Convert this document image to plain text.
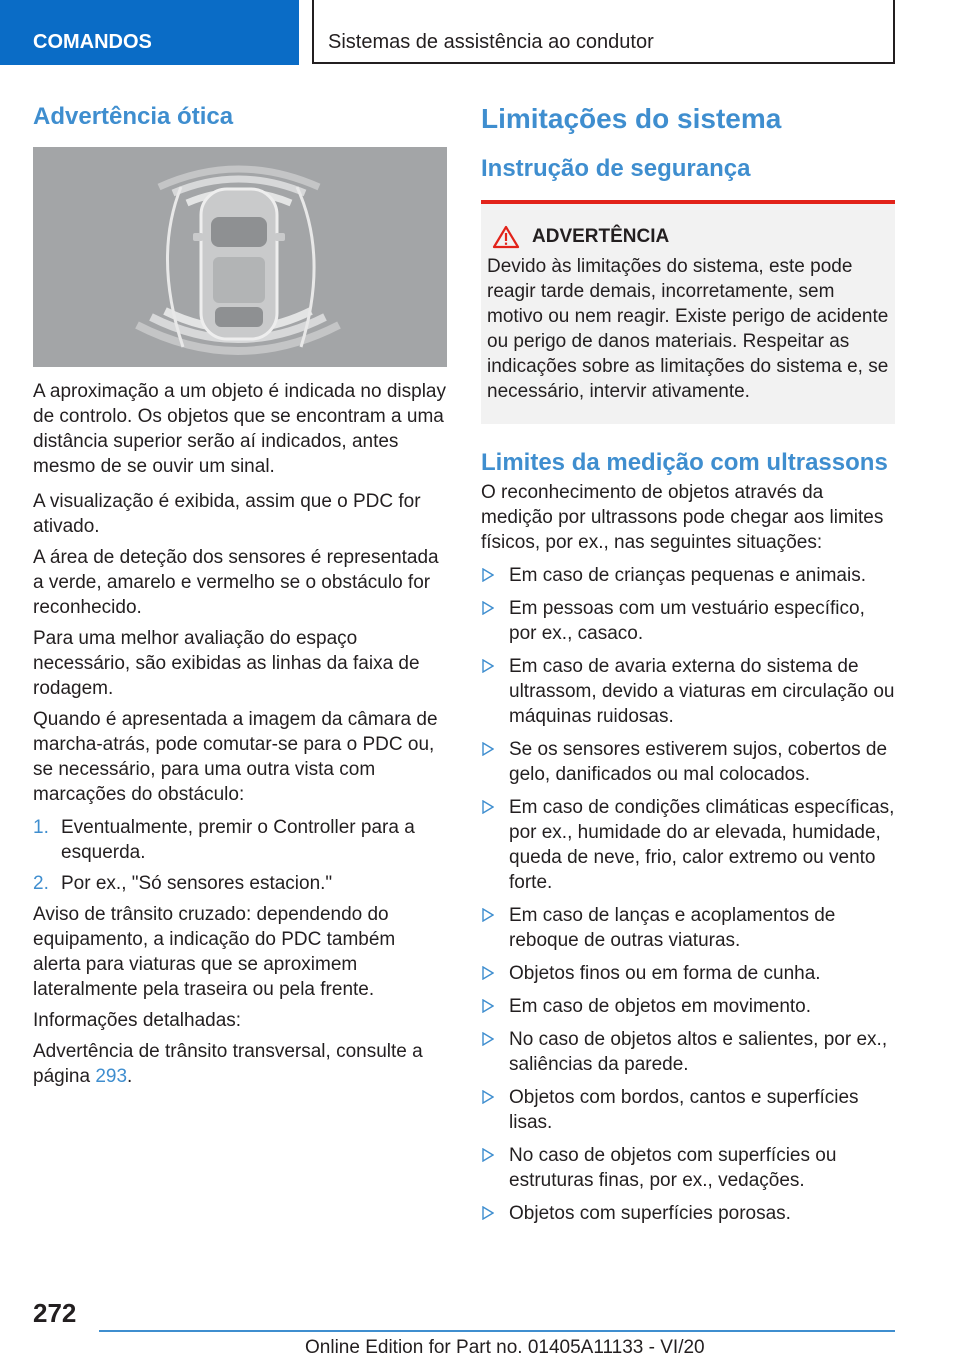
COMANDOS	Sistemas de assistência ao condutor
Advertência ótica

A aproximação a um objeto é indicada no display de controlo. Os objetos que se encontram a uma distância superior serão aí indicados, antes mesmo de se ouvir um sinal.

A visualização é exibida, assim que o PDC for ativado.

A área de deteção dos sensores é representada a verde, amarelo e vermelho se o obstáculo for reconhecido.

Para uma melhor avaliação do espaço necessário, são exibidas as linhas da faixa de rodagem.

Quando é apresentada a imagem da câmara de marcha-atrás, pode comutar-se para o PDC ou, se necessário, para uma outra vista com marcações do obstáculo:

1. Eventualmente, premir o Controller para a esquerda.
2. Por ex., "Só sensores estacion."

Aviso de trânsito cruzado: dependendo do equipamento, a indicação do PDC também alerta para viaturas que se aproximem lateralmente pela traseira ou pela frente.

Informações detalhadas:

Advertência de trânsito transversal, consulte a página 293.

Limitações do sistema
Instrução de segurança
ADVERTÊNCIA

Devido às limitações do sistema, este pode reagir tarde demais, incorretamente, sem motivo ou nem reagir. Existe perigo de acidente ou perigo de danos materiais. Respeitar as indicações sobre as limitações do sistema e, se necessário, intervir ativamente.

Limites da medição com ultrassons

O reconhecimento de objetos através da medição por ultrassons pode chegar aos limites físicos, por ex., nas seguintes situações:

Em caso de crianças pequenas e animais.
Em pessoas com um vestuário específico, por ex., casaco.
Em caso de avaria externa do sistema de ultrassom, devido a viaturas em circulação ou máquinas ruidosas.
Se os sensores estiverem sujos, cobertos de gelo, danificados ou mal colocados.
Em caso de condições climáticas específicas, por ex., humidade do ar elevada, humidade, queda de neve, frio, calor extremo ou vento forte.
Em caso de lanças e acoplamentos de reboque de outras viaturas.
Objetos finos ou em forma de cunha.
Em caso de objetos em movimento.
No caso de objetos altos e salientes, por ex., saliências da parede.
Objetos com bordos, cantos e superfícies lisas.
No caso de objetos com superfícies ou estruturas finas, por ex., vedações.
Objetos com superfícies porosas.
272
Online Edition for Part no. 01405A11133 - VI/20
